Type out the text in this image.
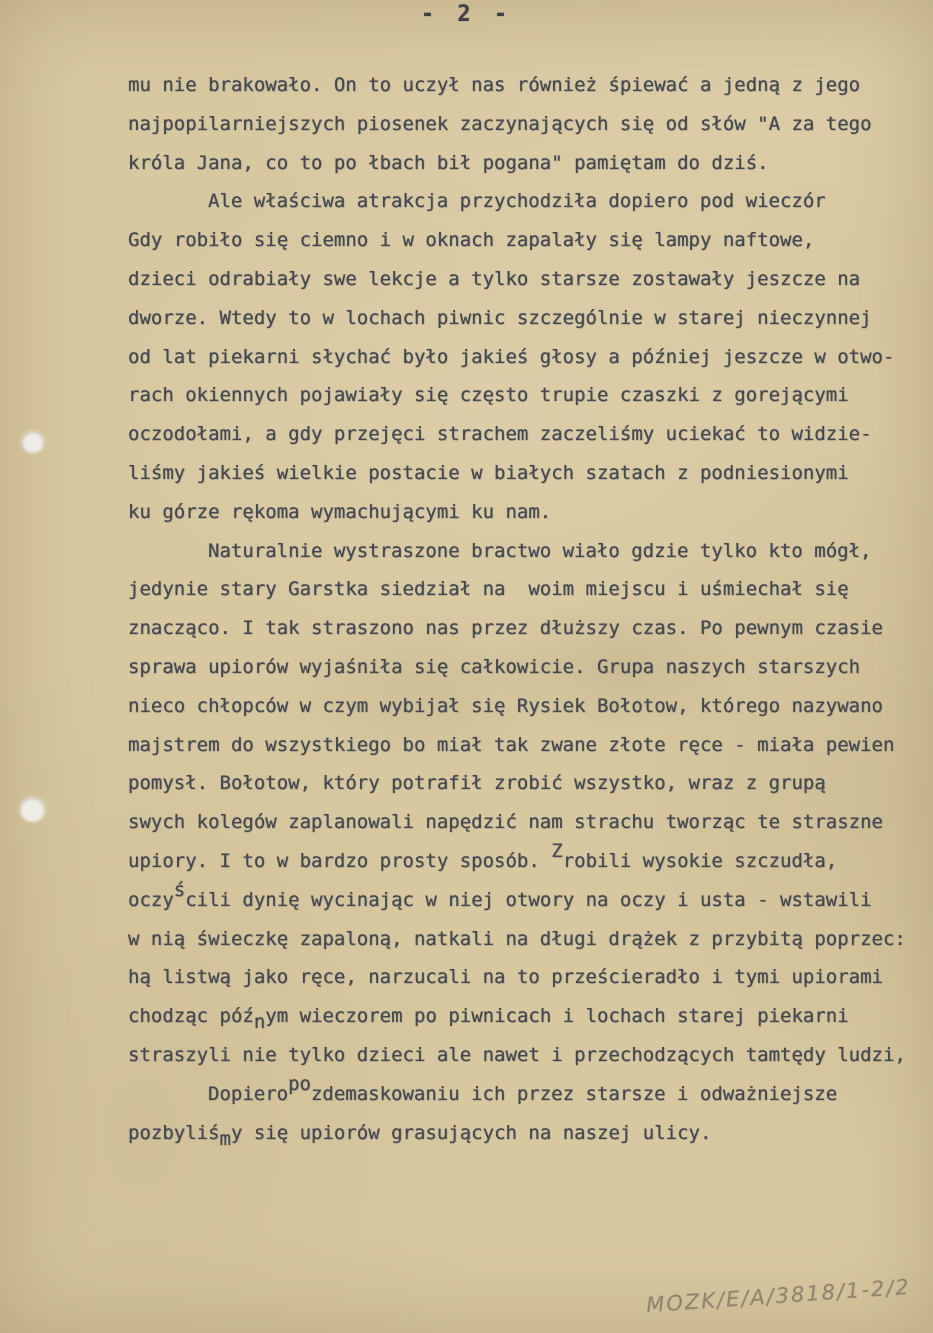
- 2 -

mu nie brakowało. On to uczył nas również śpiewać a jedną z jego
najpopilarniejszych piosenek zaczynających się od słów "A za tego
króla Jana, co to po łbach bił pogana" pamiętam do dziś.

Ale właściwa atrakcja przychodziła dopiero pod wieczór
Gdy robiło się ciemno i w oknach zapalały się lampy naftowe,
dzieci odrabiały swe lekcje a tylko starsze zostawały jeszcze na
dworze. Wtedy to w lochach piwnic szczególnie w starej nieczynnej
od lat piekarni słychać było jakieś głosy a później jeszcze w otwo-
rach okiennych pojawiały się często trupie czaszki z gorejącymi
oczodołami, a gdy przejęci strachem zaczeliśmy uciekać to widzie-
liśmy jakieś wielkie postacie w białych szatach z podniesionymi
ku górze rękoma wymachującymi ku nam.

Naturalnie wystraszone bractwo wiało gdzie tylko kto mógł,
jedynie stary Garstka siedział na  woim miejscu i uśmiechał się
znacząco. I tak straszono nas przez dłuższy czas. Po pewnym czasie
sprawa upiorów wyjaśniła się całkowicie. Grupa naszych starszych
nieco chłopców w czym wybijał się Rysiek Bołotow, którego nazywano
majstrem do wszystkiego bo miał tak zwane złote ręce - miała pewien
pomysł. Bołotow, który potrafił zrobić wszystko, wraz z grupą
swych kolegów zaplanowali napędzić nam strachu tworząc te straszne
upiory. I to w bardzo prosty sposób. Zrobili wysokie szczudła,
oczyścili dynię wycinając w niej otwory na oczy i usta - wstawili
w nią świeczkę zapaloną, natkali na długi drążek z przybitą poprzec:
hą listwą jako ręce, narzucali na to prześcieradło i tymi upiorami
chodząc późnym wieczorem po piwnicach i lochach starej piekarni
straszyli nie tylko dzieci ale nawet i przechodzących tamtędy ludzi,

Dopieropozdemaskowaniu ich przez starsze i odważniejsze
pozbyliśmy się upiorów grasujących na naszej ulicy.

MOZK/E/A/3818/1-2/2
